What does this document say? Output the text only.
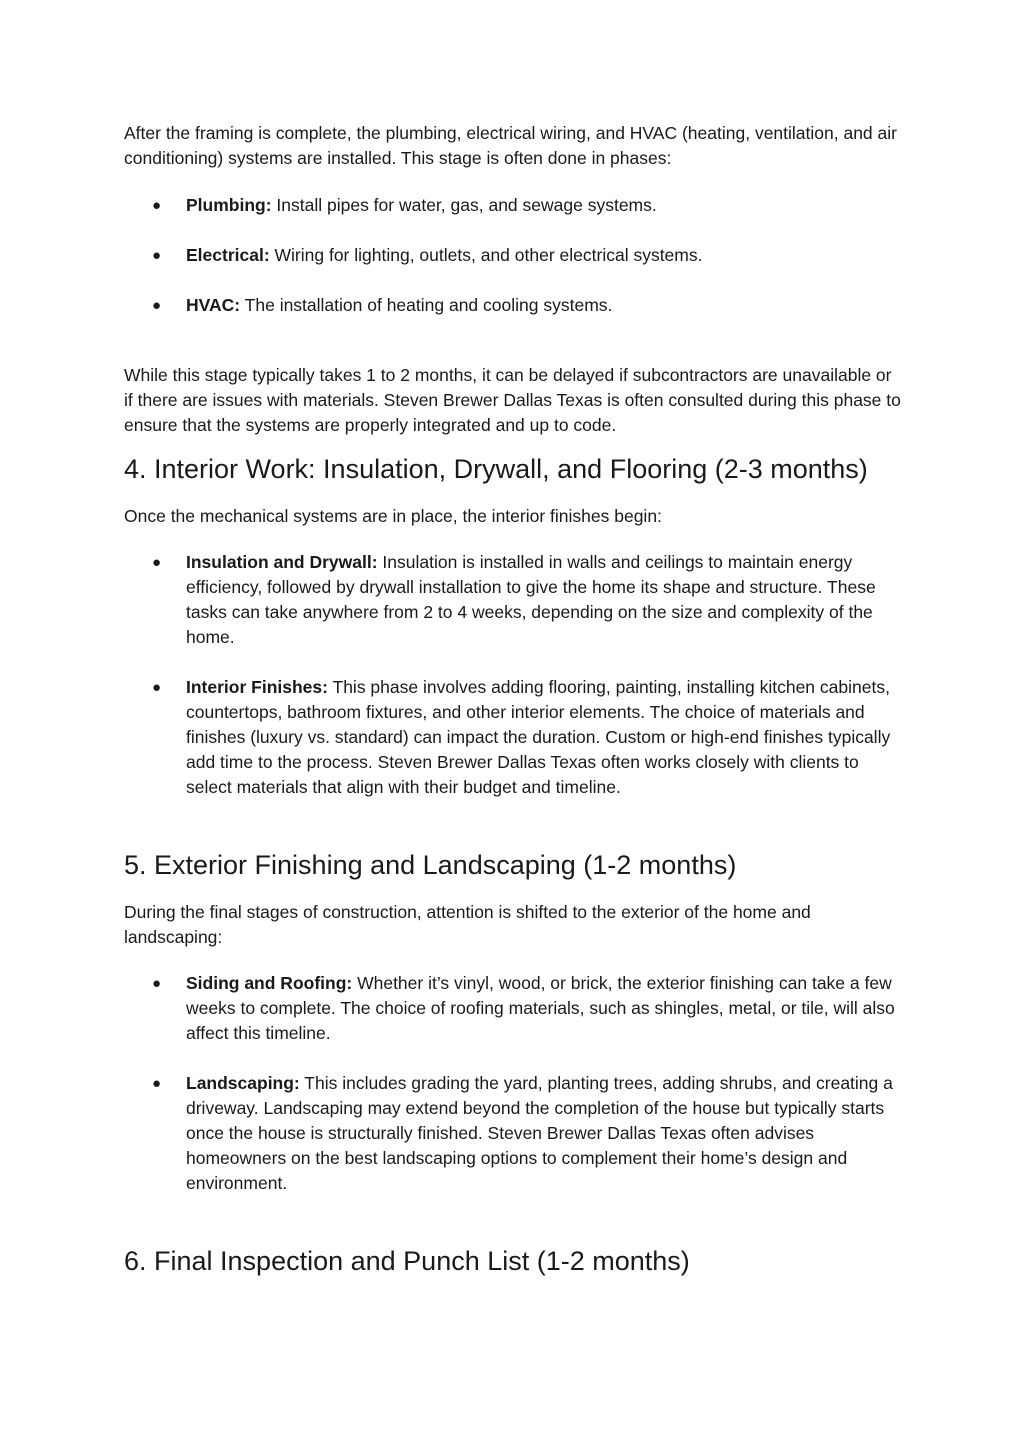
After the framing is complete, the plumbing, electrical wiring, and HVAC (heating, ventilation, and air conditioning) systems are installed. This stage is often done in phases:

● Plumbing: Install pipes for water, gas, and sewage systems.
● Electrical: Wiring for lighting, outlets, and other electrical systems.
● HVAC: The installation of heating and cooling systems.

While this stage typically takes 1 to 2 months, it can be delayed if subcontractors are unavailable or if there are issues with materials. Steven Brewer Dallas Texas is often consulted during this phase to ensure that the systems are properly integrated and up to code.

4. Interior Work: Insulation, Drywall, and Flooring (2-3 months)

Once the mechanical systems are in place, the interior finishes begin:

● Insulation and Drywall: Insulation is installed in walls and ceilings to maintain energy efficiency, followed by drywall installation to give the home its shape and structure. These tasks can take anywhere from 2 to 4 weeks, depending on the size and complexity of the home.
● Interior Finishes: This phase involves adding flooring, painting, installing kitchen cabinets, countertops, bathroom fixtures, and other interior elements. The choice of materials and finishes (luxury vs. standard) can impact the duration. Custom or high-end finishes typically add time to the process. Steven Brewer Dallas Texas often works closely with clients to select materials that align with their budget and timeline.
5. Exterior Finishing and Landscaping (1-2 months)

During the final stages of construction, attention is shifted to the exterior of the home and landscaping:

● Siding and Roofing: Whether it’s vinyl, wood, or brick, the exterior finishing can take a few weeks to complete. The choice of roofing materials, such as shingles, metal, or tile, will also affect this timeline.
● Landscaping: This includes grading the yard, planting trees, adding shrubs, and creating a driveway. Landscaping may extend beyond the completion of the house but typically starts once the house is structurally finished. Steven Brewer Dallas Texas often advises homeowners on the best landscaping options to complement their home’s design and environment.
6. Final Inspection and Punch List (1-2 months)
